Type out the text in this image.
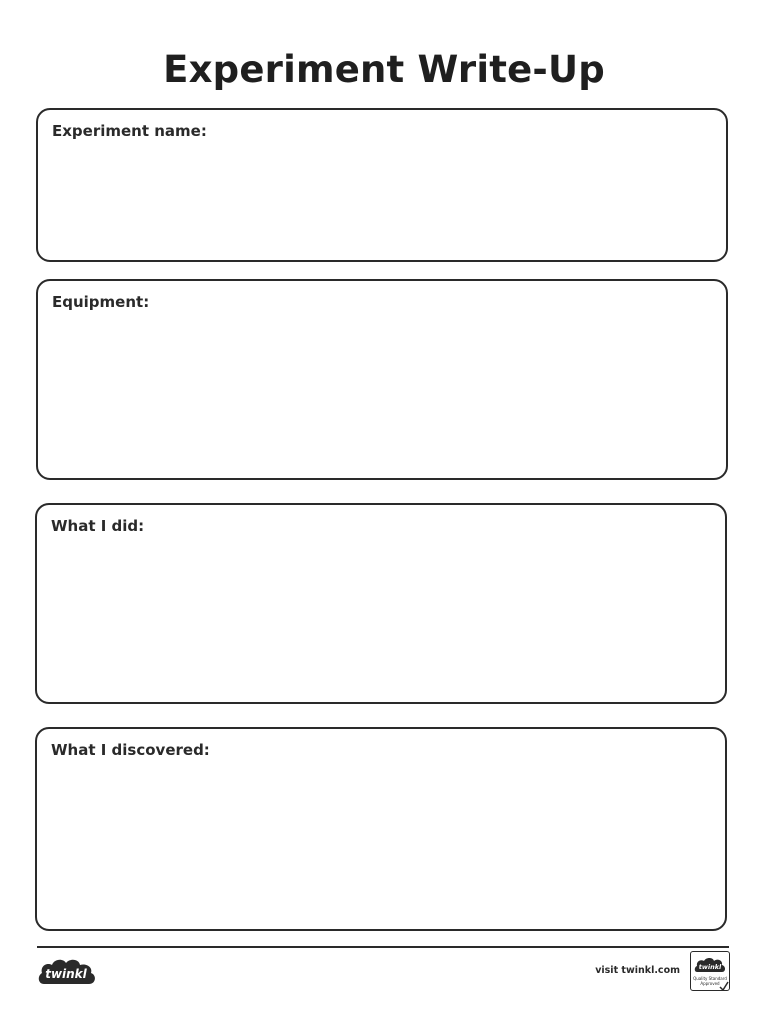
Experiment Write-Up
Experiment name:
Equipment:
What I did:
What I discovered:
twinkl	visit twinkl.com	twinkl
Quality Standard
Approved
